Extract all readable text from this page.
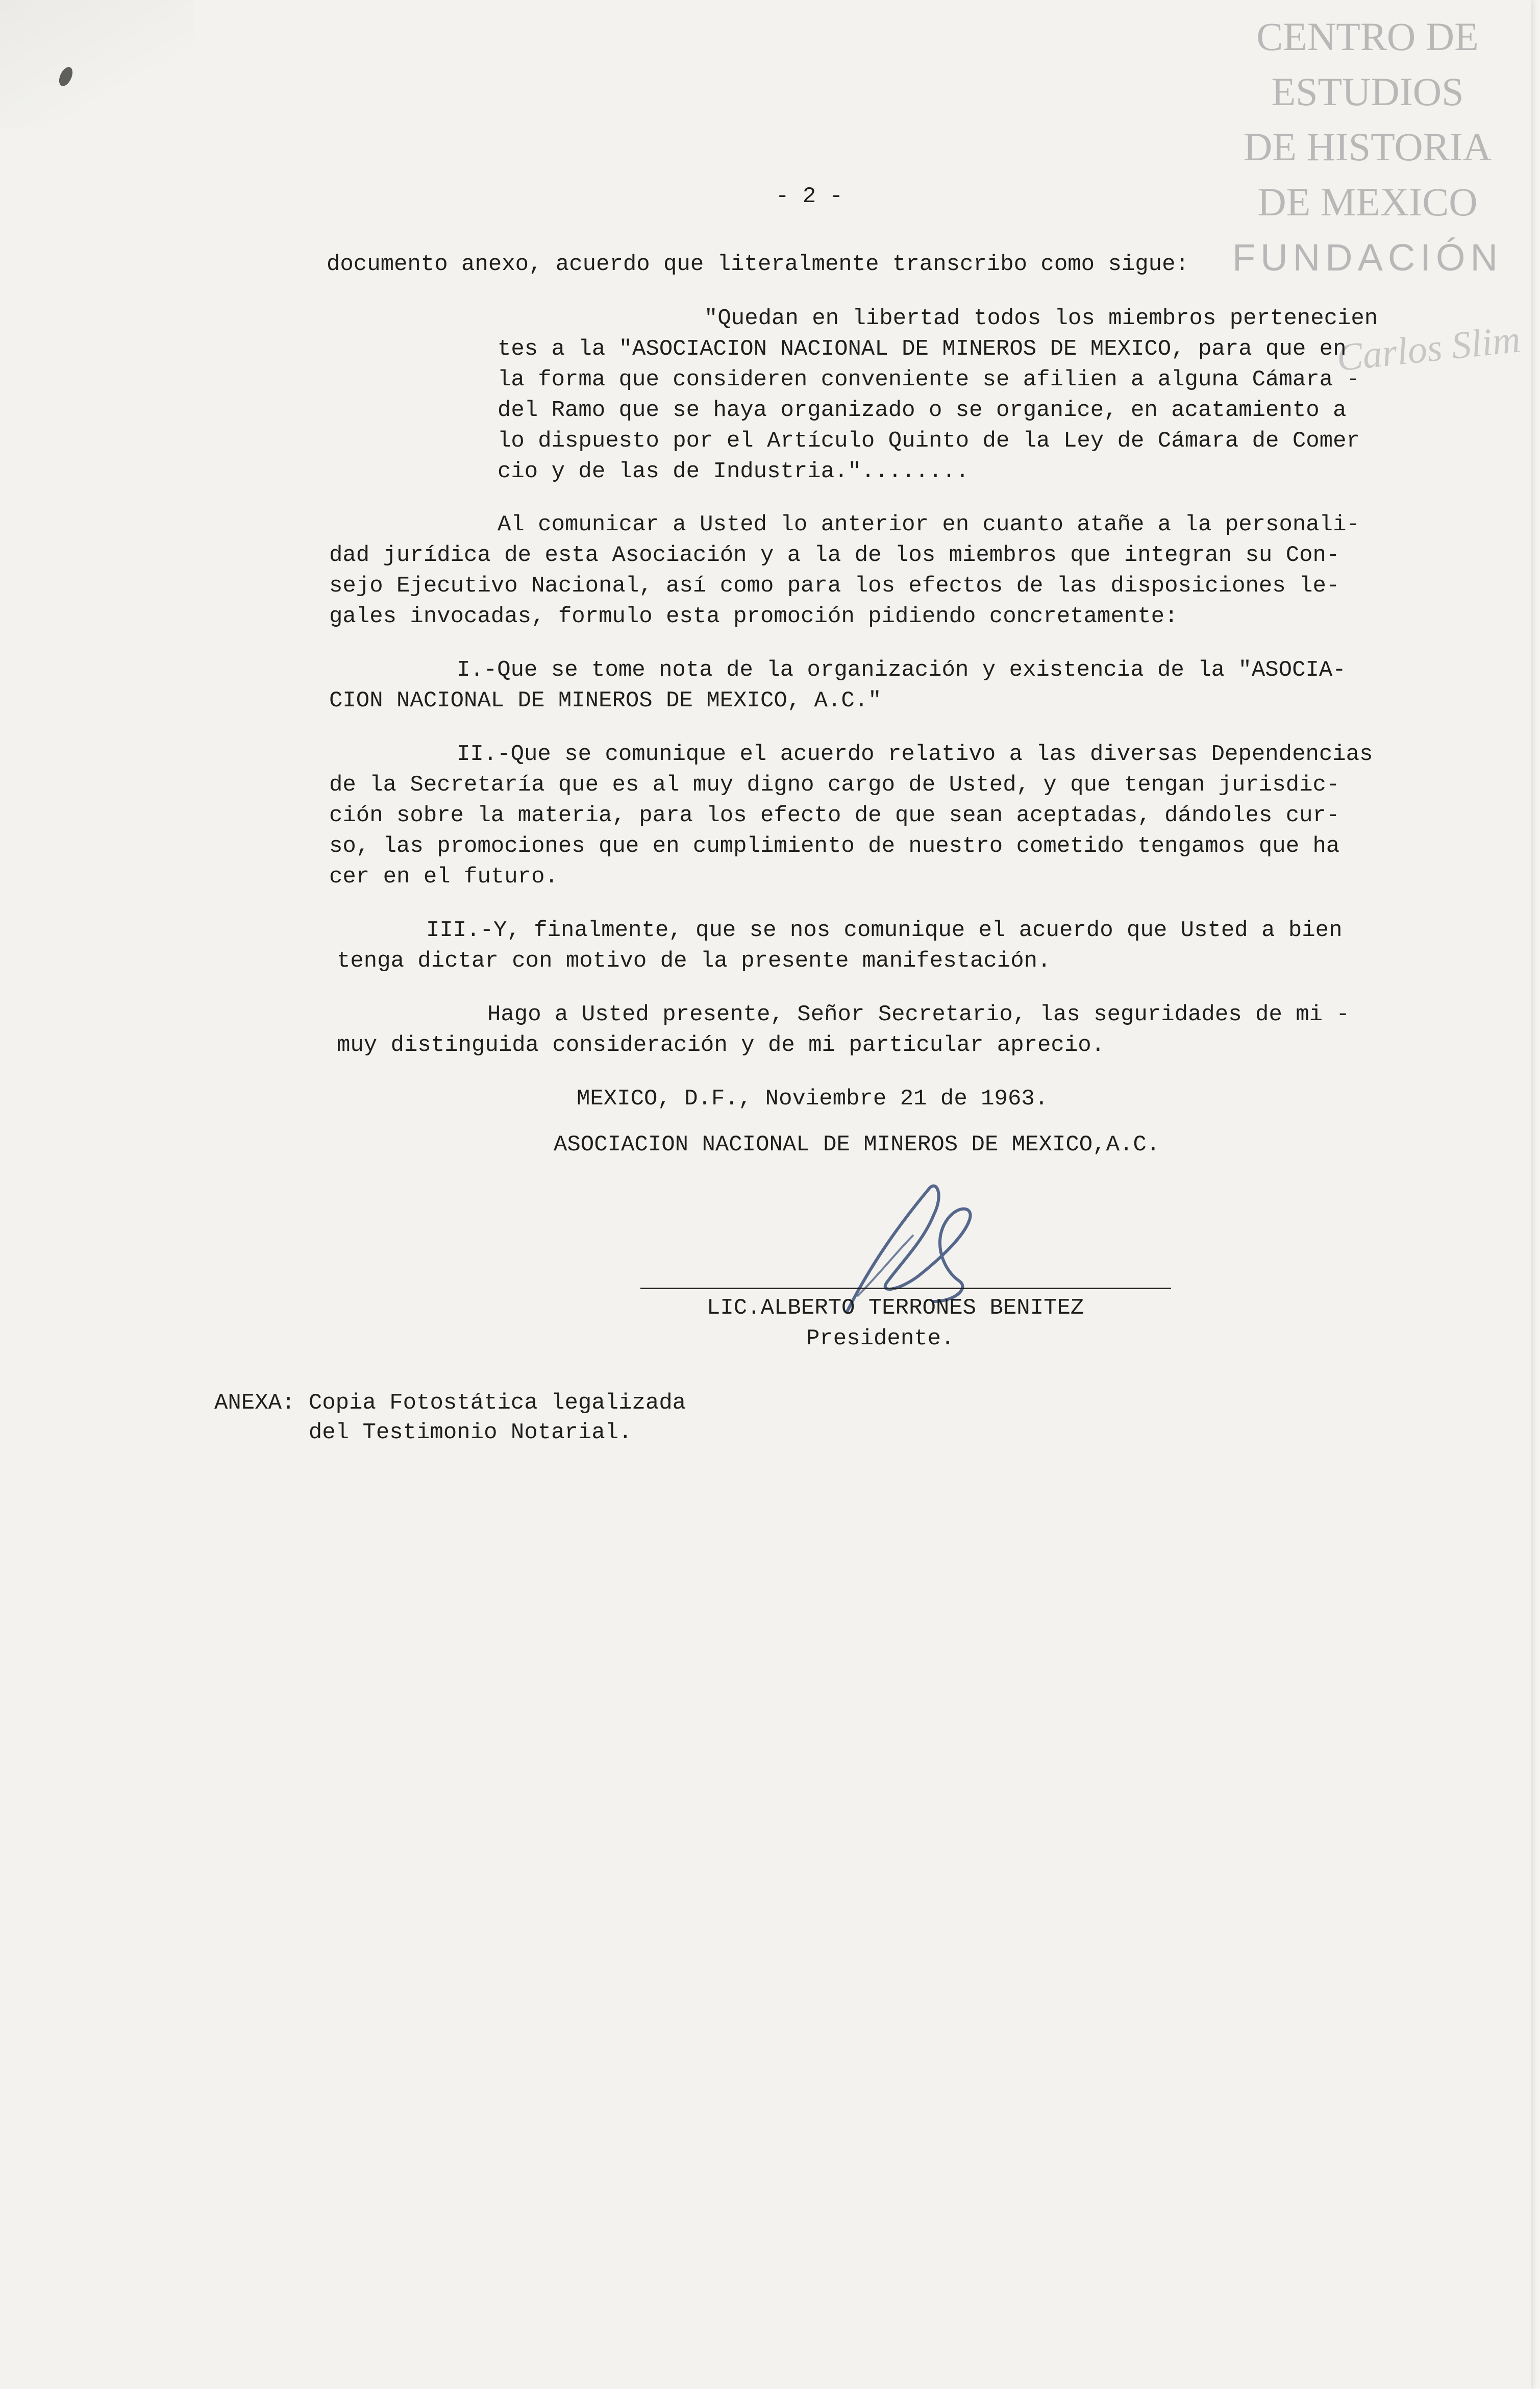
CENTRO DE
ESTUDIOS
DE HISTORIA
DE MEXICO
FUNDACIÓN
Carlos Slim
- 2 -
documento anexo, acuerdo que literalmente transcribo como sigue:
"Quedan en libertad todos los miembros pertenecien
tes a la "ASOCIACION NACIONAL DE MINEROS DE MEXICO, para que en
la forma que consideren conveniente se afilien a alguna Cámara -
del Ramo que se haya organizado o se organice, en acatamiento a
lo dispuesto por el Artículo Quinto de la Ley de Cámara de Comer
cio y de las de Industria."........
Al comunicar a Usted lo anterior en cuanto atañe a la personali-
dad jurídica de esta Asociación y a la de los miembros que integran su Con-
sejo Ejecutivo Nacional, así como para los efectos de las disposiciones le-
gales invocadas, formulo esta promoción pidiendo concretamente:
I.-Que se tome nota de la organización y existencia de la "ASOCIA-
CION NACIONAL DE MINEROS DE MEXICO, A.C."
II.-Que se comunique el acuerdo relativo a las diversas Dependencias
de la Secretaría que es al muy digno cargo de Usted, y que tengan jurisdic-
ción sobre la materia, para los efecto de que sean aceptadas, dándoles cur-
so, las promociones que en cumplimiento de nuestro cometido tengamos que ha
cer en el futuro.
III.-Y, finalmente, que se nos comunique el acuerdo que Usted a bien
tenga dictar con motivo de la presente manifestación.
Hago a Usted presente, Señor Secretario, las seguridades de mi -
muy distinguida consideración y de mi particular aprecio.
MEXICO, D.F., Noviembre 21 de 1963.
ASOCIACION NACIONAL DE MINEROS DE MEXICO,A.C.
LIC.ALBERTO TERRONES BENITEZ
Presidente.
ANEXA: Copia Fotostática legalizada
del Testimonio Notarial.
